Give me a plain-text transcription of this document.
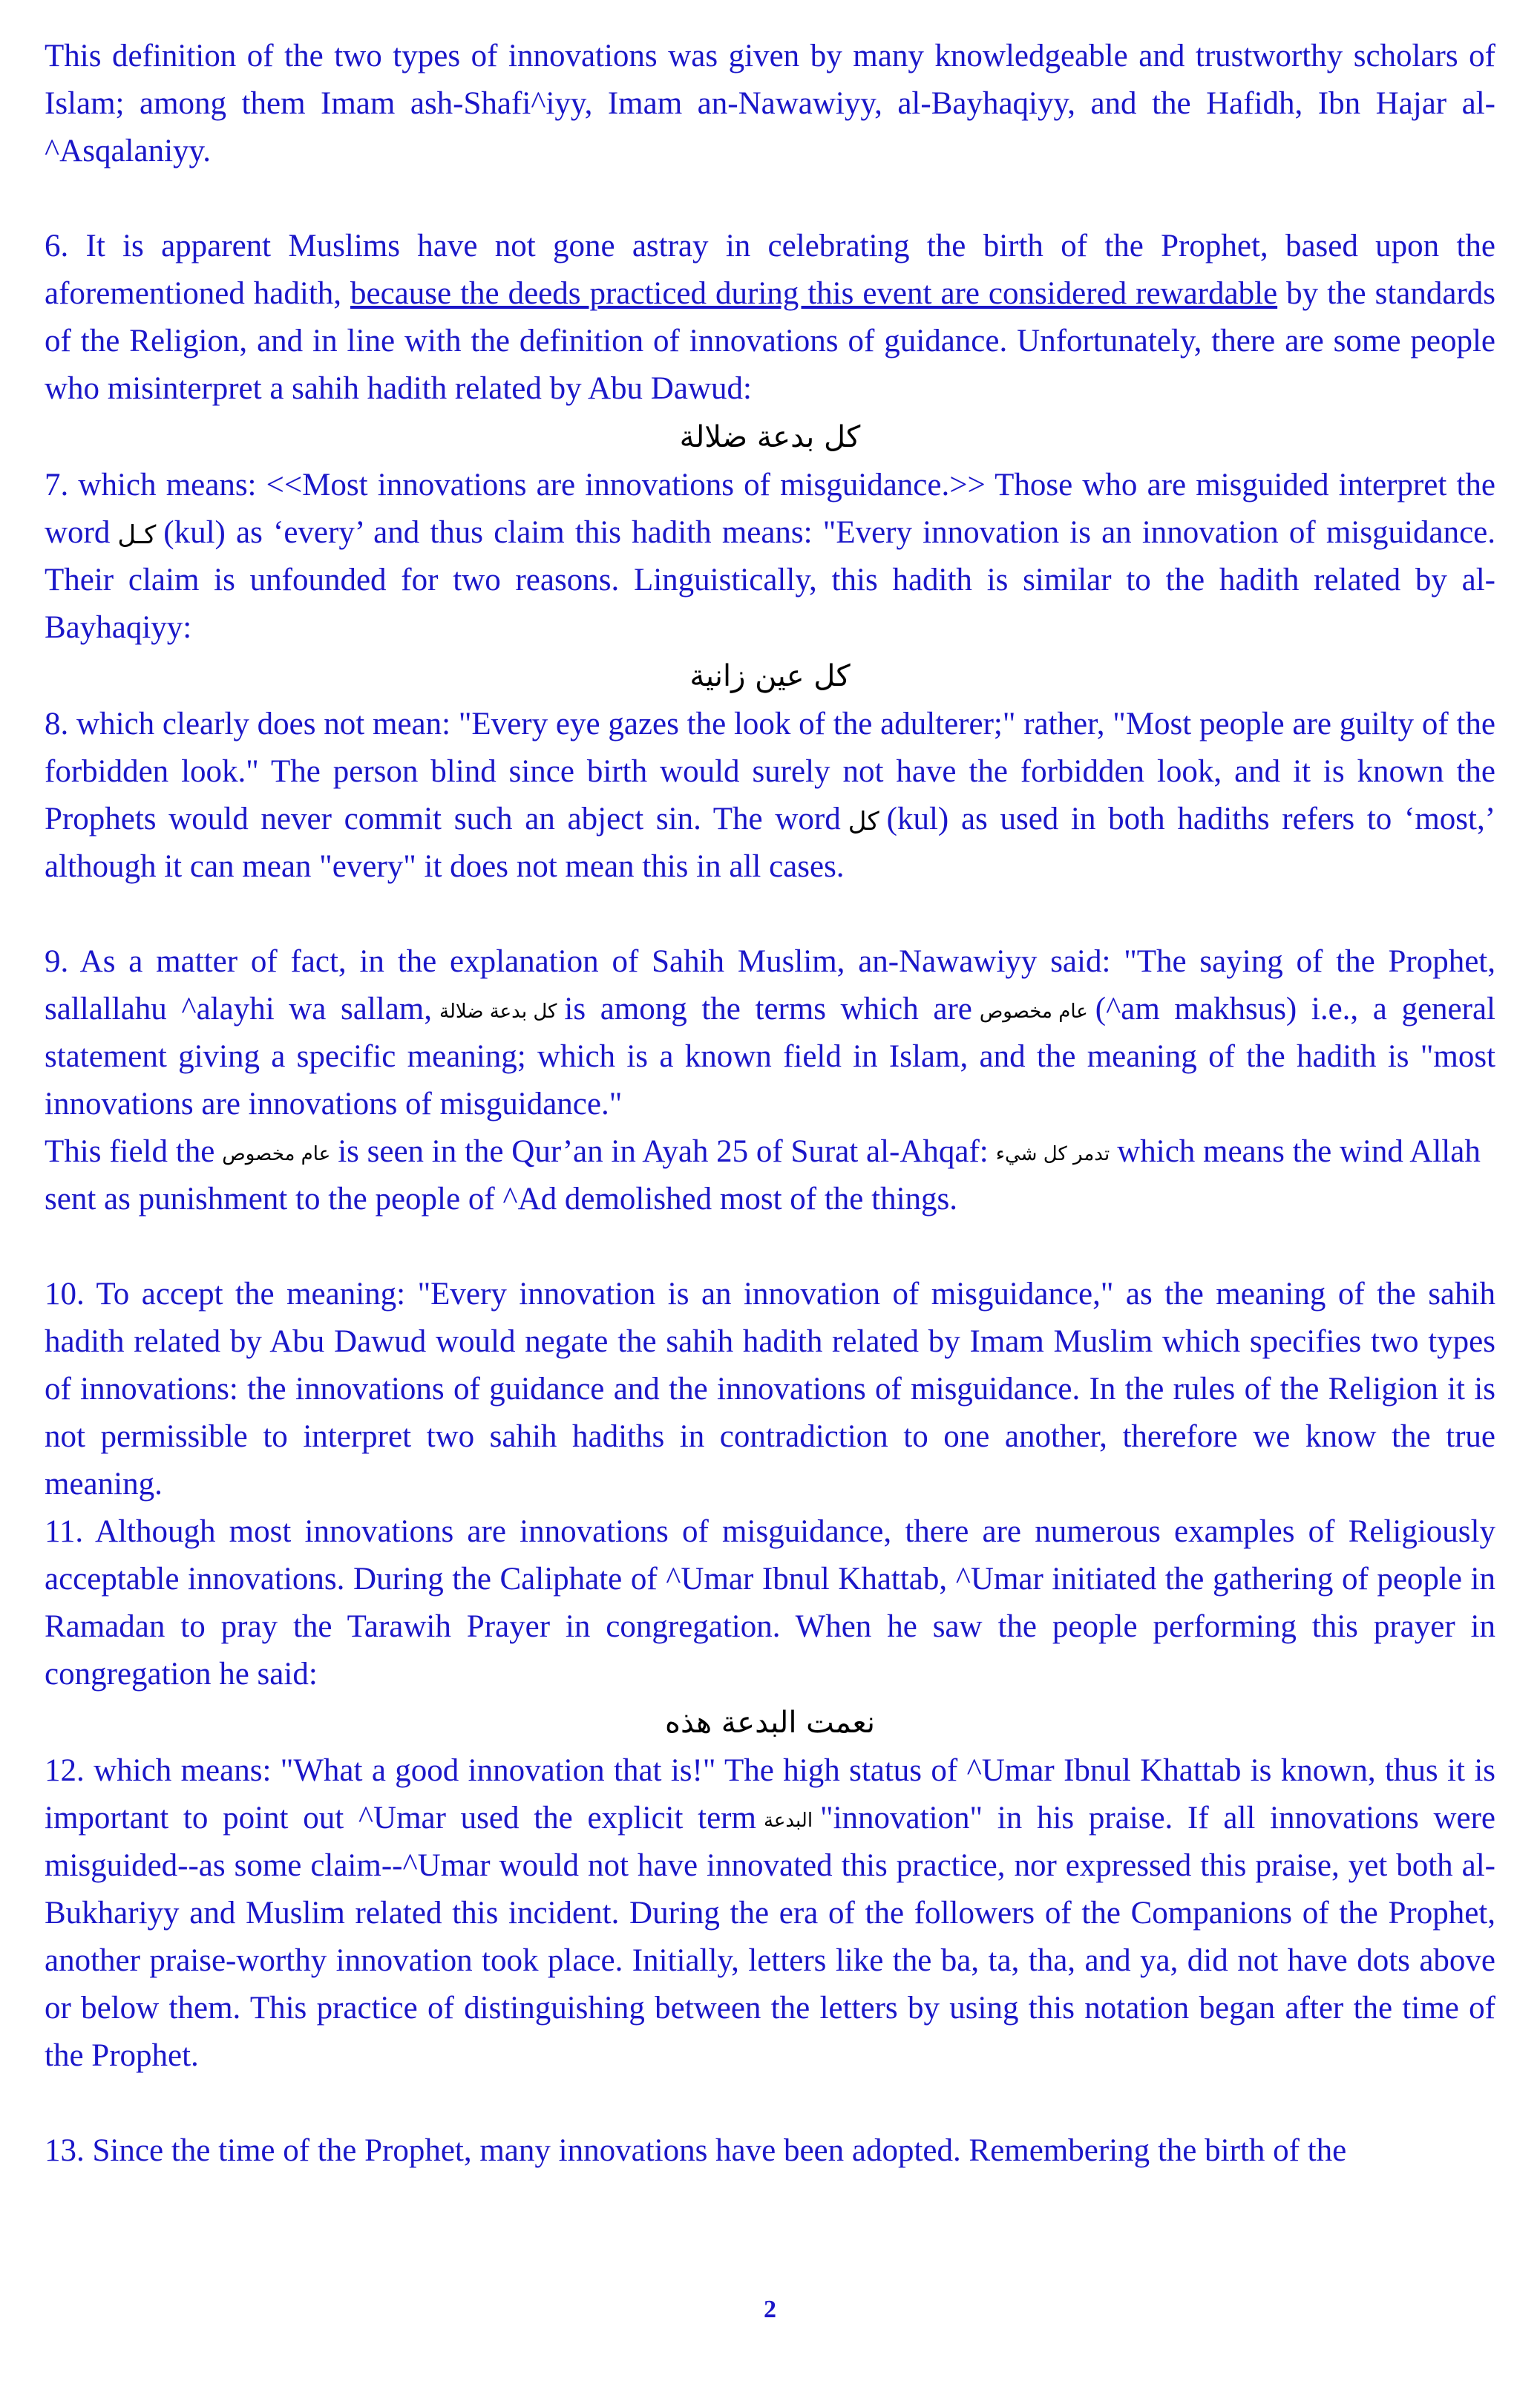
This definition of the two types of innovations was given by many knowledgeable and trustworthy scholars of Islam; among them Imam ash-Shafi^iyy, Imam an-Nawawiyy, al-Bayhaqiyy, and the Hafidh, Ibn Hajar al-^Asqalaniyy.

6. It is apparent Muslims have not gone astray in celebrating the birth of the Prophet, based upon the aforementioned hadith, because the deeds practiced during this event are considered rewardable by the standards of the Religion, and in line with the definition of innovations of guidance. Unfortunately, there are some people who misinterpret a sahih hadith related by Abu Dawud:

كل بدعة ضلالة

7. which means: <<Most innovations are innovations of misguidance.>> Those who are misguided interpret the word كـل (kul) as ‘every’ and thus claim this hadith means: "Every innovation is an innovation of misguidance. Their claim is unfounded for two reasons. Linguistically, this hadith is similar to the hadith related by al-Bayhaqiyy:

كل عين زانية

8. which clearly does not mean: "Every eye gazes the look of the adulterer;" rather, "Most people are guilty of the forbidden look." The person blind since birth would surely not have the forbidden look, and it is known the Prophets would never commit such an abject sin. The word كل (kul) as used in both hadiths refers to ‘most,’ although it can mean "every" it does not mean this in all cases.

9. As a matter of fact, in the explanation of Sahih Muslim, an-Nawawiyy said: "The saying of the Prophet, sallallahu ^alayhi wa sallam, كل بدعة ضلالة is among the terms which are عام مخصوص (^am makhsus) i.e., a general statement giving a specific meaning; which is a known field in Islam, and the meaning of the hadith is "most innovations are innovations of misguidance."

This field the عام مخصوص is seen in the Qur’an in Ayah 25 of Surat al-Ahqaf: تدمر كل شيء which means the wind Allah sent as punishment to the people of ^Ad demolished most of the things.

10. To accept the meaning: "Every innovation is an innovation of misguidance," as the meaning of the sahih hadith related by Abu Dawud would negate the sahih hadith related by Imam Muslim which specifies two types of innovations: the innovations of guidance and the innovations of misguidance. In the rules of the Religion it is not permissible to interpret two sahih hadiths in contradiction to one another, therefore we know the true meaning.

11. Although most innovations are innovations of misguidance, there are numerous examples of Religiously acceptable innovations. During the Caliphate of ^Umar Ibnul Khattab, ^Umar initiated the gathering of people in Ramadan to pray the Tarawih Prayer in congregation. When he saw the people performing this prayer in congregation he said:

نعمت البدعة هذه

12. which means: "What a good innovation that is!" The high status of ^Umar Ibnul Khattab is known, thus it is important to point out ^Umar used the explicit term البدعة "innovation" in his praise. If all innovations were misguided--as some claim--^Umar would not have innovated this practice, nor expressed this praise, yet both al-Bukhariyy and Muslim related this incident. During the era of the followers of the Companions of the Prophet, another praise-worthy innovation took place. Initially, letters like the ba, ta, tha, and ya, did not have dots above or below them. This practice of distinguishing between the letters by using this notation began after the time of the Prophet.

13. Since the time of the Prophet, many innovations have been adopted. Remembering the birth of the

2
